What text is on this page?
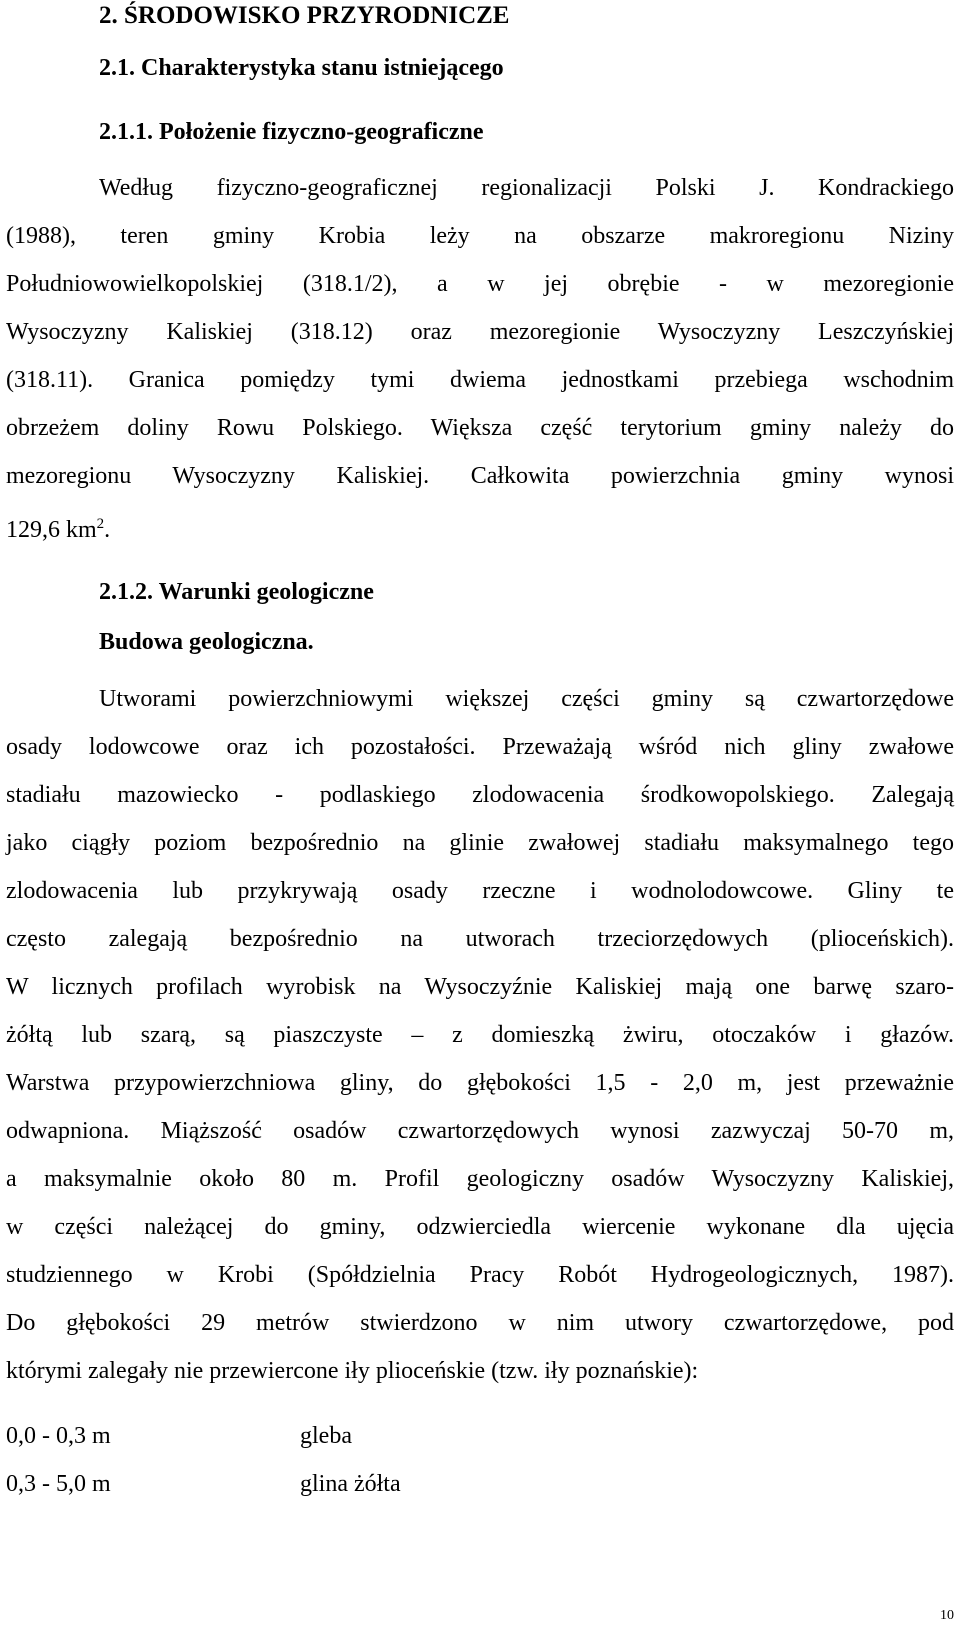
2. ŚRODOWISKO PRZYRODNICZE
2.1. Charakterystyka stanu istniejącego
2.1.1. Położenie fizyczno-geograficzne
Według fizyczno-geograficznej regionalizacji Polski J. Kondrackiego
(1988), teren gminy Krobia leży na obszarze makroregionu Niziny
Południowowielkopolskiej (318.1/2), a w jej obrębie - w mezoregionie
Wysoczyzny Kaliskiej (318.12) oraz mezoregionie Wysoczyzny Leszczyńskiej
(318.11). Granica pomiędzy tymi dwiema jednostkami przebiega wschodnim
obrzeżem doliny Rowu Polskiego. Większa część terytorium gminy należy do
mezoregionu Wysoczyzny Kaliskiej. Całkowita powierzchnia gminy wynosi
129,6 $km^2$.
2.1.2. Warunki geologiczne
Budowa geologiczna.
Utworami powierzchniowymi większej części gminy są czwartorzędowe
osady lodowcowe oraz ich pozostałości. Przeważają wśród nich gliny zwałowe
stadiału mazowiecko - podlaskiego zlodowacenia środkowopolskiego. Zalegają
jako ciągły poziom bezpośrednio na glinie zwałowej stadiału maksymalnego tego
zlodowacenia lub przykrywają osady rzeczne i wodnolodowcowe. Gliny te
często zalegają bezpośrednio na utworach trzeciorzędowych (plioceńskich).
W licznych profilach wyrobisk na Wysoczyźnie Kaliskiej mają one barwę szaro-
żółtą lub szarą, są piaszczyste – z domieszką żwiru, otoczaków i głazów.
Warstwa przypowierzchniowa gliny, do głębokości 1,5 - 2,0 m, jest przeważnie
odwapniona. Miąższość osadów czwartorzędowych wynosi zazwyczaj 50-70 m,
a maksymalnie około 80 m. Profil geologiczny osadów Wysoczyzny Kaliskiej,
w części należącej do gminy, odzwierciedla wiercenie wykonane dla ujęcia
studziennego w Krobi (Spółdzielnia Pracy Robót Hydrogeologicznych, 1987).
Do głębokości 29 metrów stwierdzono w nim utwory czwartorzędowe, pod
którymi zalegały nie przewiercone iły plioceńskie (tzw. iły poznańskie):
0,0 - 0,3 m	gleba
0,3 - 5,0 m	glina żółta
10
